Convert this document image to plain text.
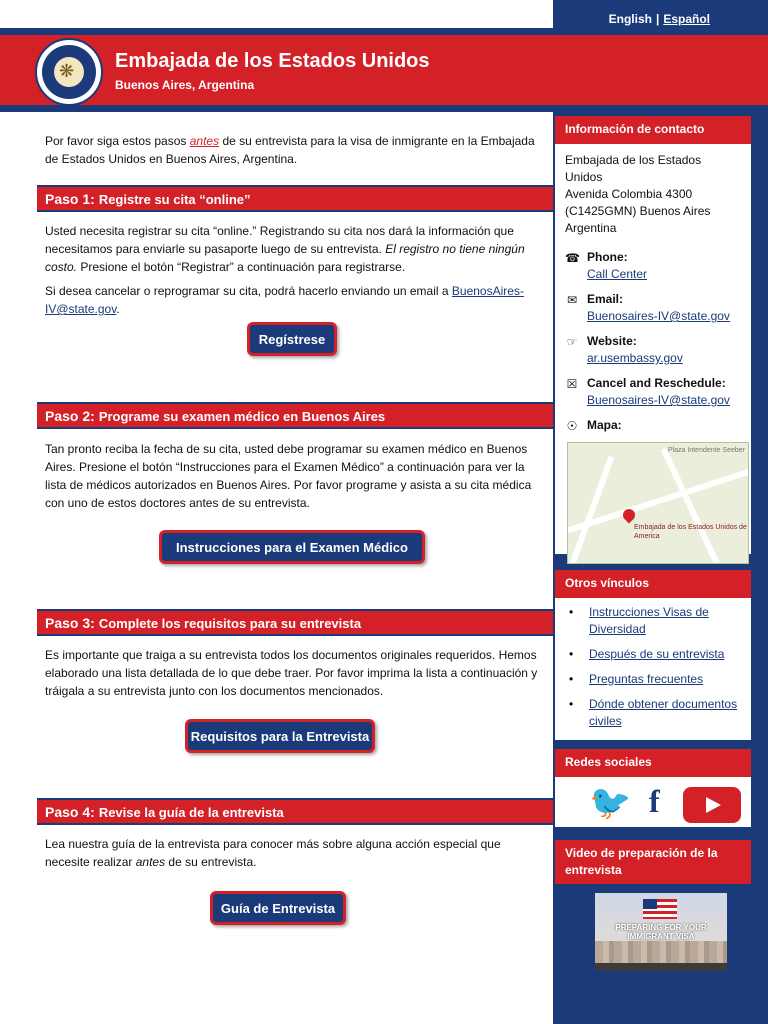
English | Español
❋ Embajada de los Estados Unidos
Buenos Aires, Argentina

Por favor siga estos pasos antes de su entrevista para la visa de inmigrante en la Embajada de Estados Unidos en Buenos Aires, Argentina.

Paso 1: Registre su cita “online”

Usted necesita registrar su cita “online.” Registrando su cita nos dará la información que necesitamos para enviarle su pasaporte luego de su entrevista. El registro no tiene ningún costo. Presione el botón “Registrar” a continuación para registrarse.

Si desea cancelar o reprogramar su cita, podrá hacerlo enviando un email a BuenosAires-IV@state.gov.

Regístrese
Paso 2: Programe su examen médico en Buenos Aires

Tan pronto reciba la fecha de su cita, usted debe programar su examen médico en Buenos Aires. Presione el botón “Instrucciones para el Examen Médico” a continuación para ver la lista de médicos autorizados en Buenos Aires. Por favor programe y asista a su cita médica con uno de estos doctores antes de su entrevista.

Instrucciones para el Examen Médico
Paso 3: Complete los requisitos para su entrevista

Es importante que traiga a su entrevista todos los documentos originales requeridos. Hemos elaborado una lista detallada de lo que debe traer. Por favor imprima la lista a continuación y tráigala a su entrevista junto con los documentos mencionados.

Requisitos para la Entrevista
Paso 4: Revise la guía de la entrevista

Lea nuestra guía de la entrevista para conocer más sobre alguna acción especial que necesite realizar antes de su entrevista.

Guía de Entrevista
Información de contacto
Embajada de los Estados Unidos
Avenida Colombia 4300
(C1425GMN) Buenos Aires
Argentina
☎ Phone:
Call Center
✉ Email:
Buenosaires-IV@state.gov
☞ Website:
ar.usembassy.gov
☒ Cancel and Reschedule:
Buenosaires-IV@state.gov
☉ Mapa:
Embajada de los Estados Unidos de America
Plaza Intendente Seeber
Otros vínculos
• Instrucciones Visas de Diversidad
• Después de su entrevista
• Preguntas frecuentes
• Dónde obtener documentos civiles
Redes sociales
🐦 f
Video de preparación de la entrevista
PREPARING FOR YOUR IMMIGRANT VISA
